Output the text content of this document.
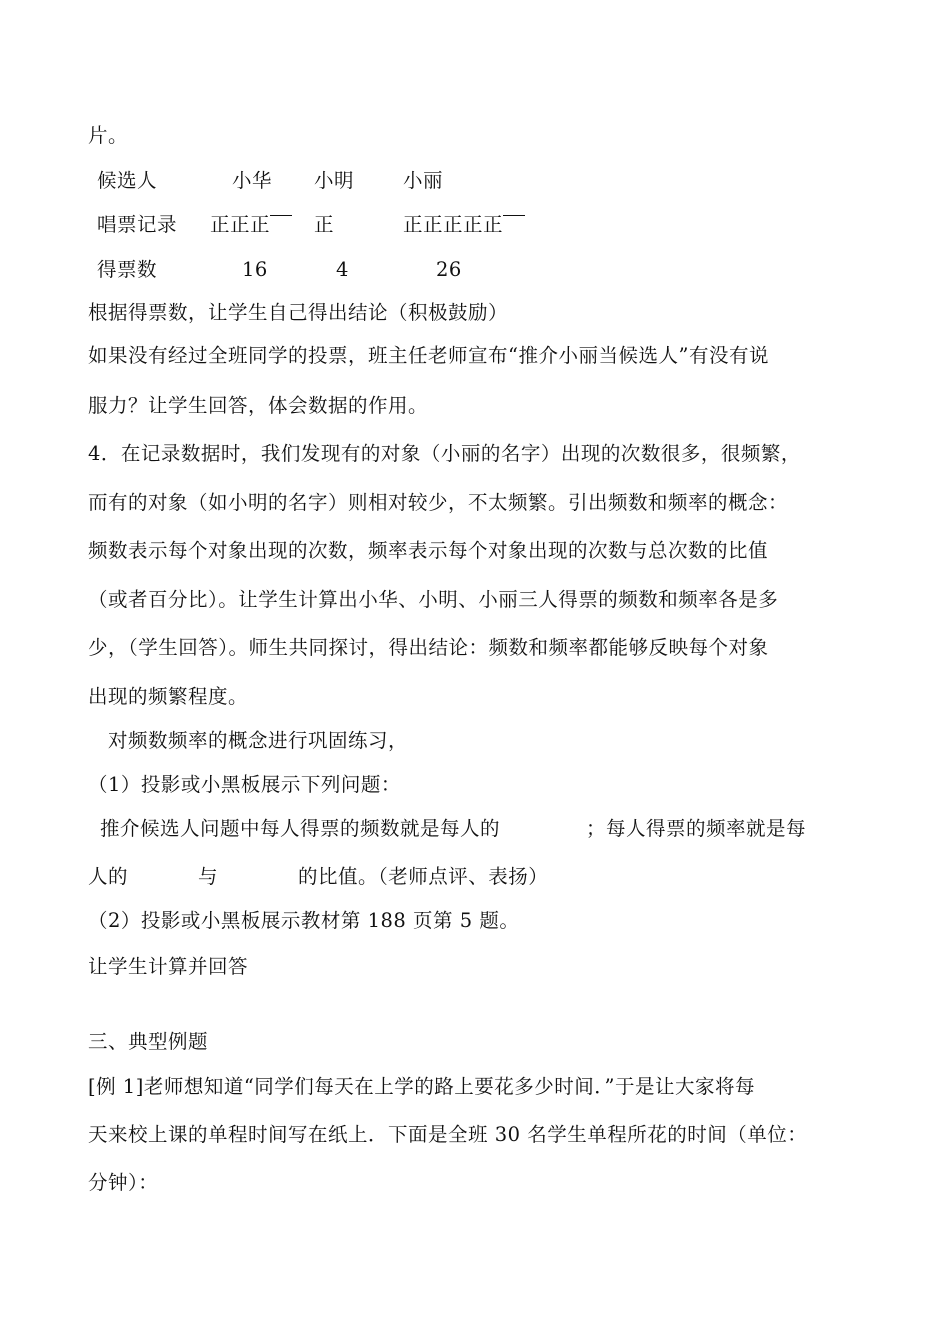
片。
候选人	小华 小明	小丽
唱票记录 正正正	正	正正正正正
得票数	16	4	26
根据得票数，让学生自己得出结论（积极鼓励）
如果没有经过全班同学的投票，班主任老师宣布“推介小丽当候选人”有没有说
服力？让学生回答，体会数据的作用。
4．在记录数据时，我们发现有的对象（小丽的名字）出现的次数很多，很频繁，
而有的对象（如小明的名字）则相对较少，不太频繁。引出频数和频率的概念：
频数表示每个对象出现的次数，频率表示每个对象出现的次数与总次数的比值
（或者百分比）。让学生计算出小华、小明、小丽三人得票的频数和频率各是多
少，（学生回答）。师生共同探讨，得出结论：频数和频率都能够反映每个对象
出现的频繁程度。
对频数频率的概念进行巩固练习，
（1）投影或小黑板展示下列问题：
推介候选人问题中每人得票的频数就是每人的	；每人得票的频率就是每
人的	与	的比值。（老师点评、表扬）
（2）投影或小黑板展示教材第 188 页第 5 题。
让学生计算并回答
三、典型例题
[例 1]老师想知道“同学们每天在上学的路上要花多少时间．”于是让大家将每
天来校上课的单程时间写在纸上．下面是全班 30 名学生单程所花的时间（单位：
分钟）：
